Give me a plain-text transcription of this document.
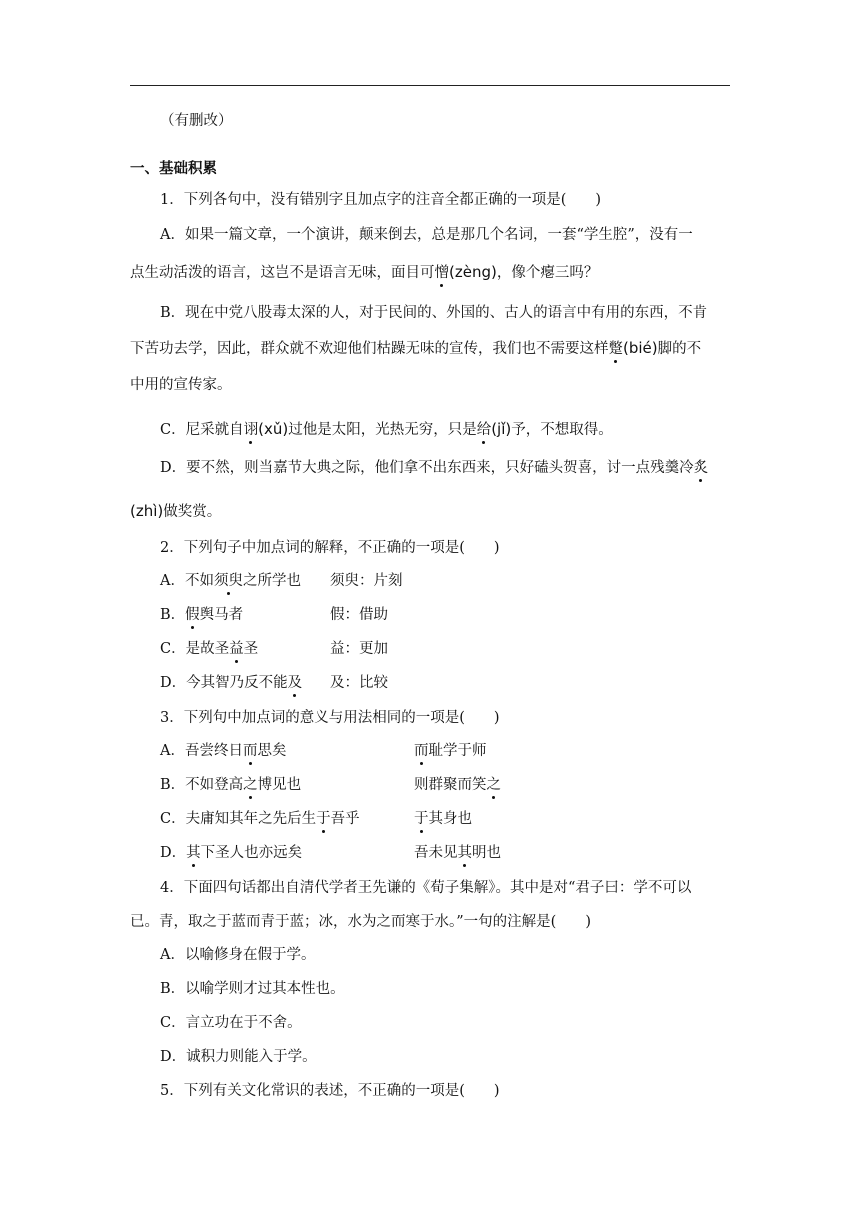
（有删改）
一、基础积累
1．下列各句中，没有错别字且加点字的注音全都正确的一项是(　　)
A．如果一篇文章，一个演讲，颠来倒去，总是那几个名词，一套“学生腔”，没有一
点生动活泼的语言，这岂不是语言无味，面目可憎(zèng)，像个瘪三吗？
B．现在中党八股毒太深的人，对于民间的、外国的、古人的语言中有用的东西，不肯
下苦功去学，因此，群众就不欢迎他们枯躁无味的宣传，我们也不需要这样蹩(bié)脚的不
中用的宣传家。
C．尼采就自诩(xǔ)过他是太阳，光热无穷，只是给(jǐ)予，不想取得。
D．要不然，则当嘉节大典之际，他们拿不出东西来，只好磕头贺喜，讨一点残羹冷炙
(zhì)做奖赏。
2．下列句子中加点词的解释，不正确的一项是(　　)
A．不如须臾之所学也 须臾：片刻
B．假舆马者	假：借助
C．是故圣益圣	益：更加
D．今其智乃反不能及 及：比较
3．下列句中加点词的意义与用法相同的一项是(　　)
A．吾尝终日而思矣	而耻学于师
B．不如登高之博见也	则群聚而笑之
C．夫庸知其年之先后生于吾乎	于其身也
D．其下圣人也亦远矣	吾未见其明也
4．下面四句话都出自清代学者王先谦的《荀子集解》。其中是对“君子曰：学不可以
已。青，取之于蓝而青于蓝；冰，水为之而寒于水。”一句的注解是(　　)
A．以喻修身在假于学。
B．以喻学则才过其本性也。
C．言立功在于不舍。
D．诚积力则能入于学。
5．下列有关文化常识的表述，不正确的一项是(　　)
